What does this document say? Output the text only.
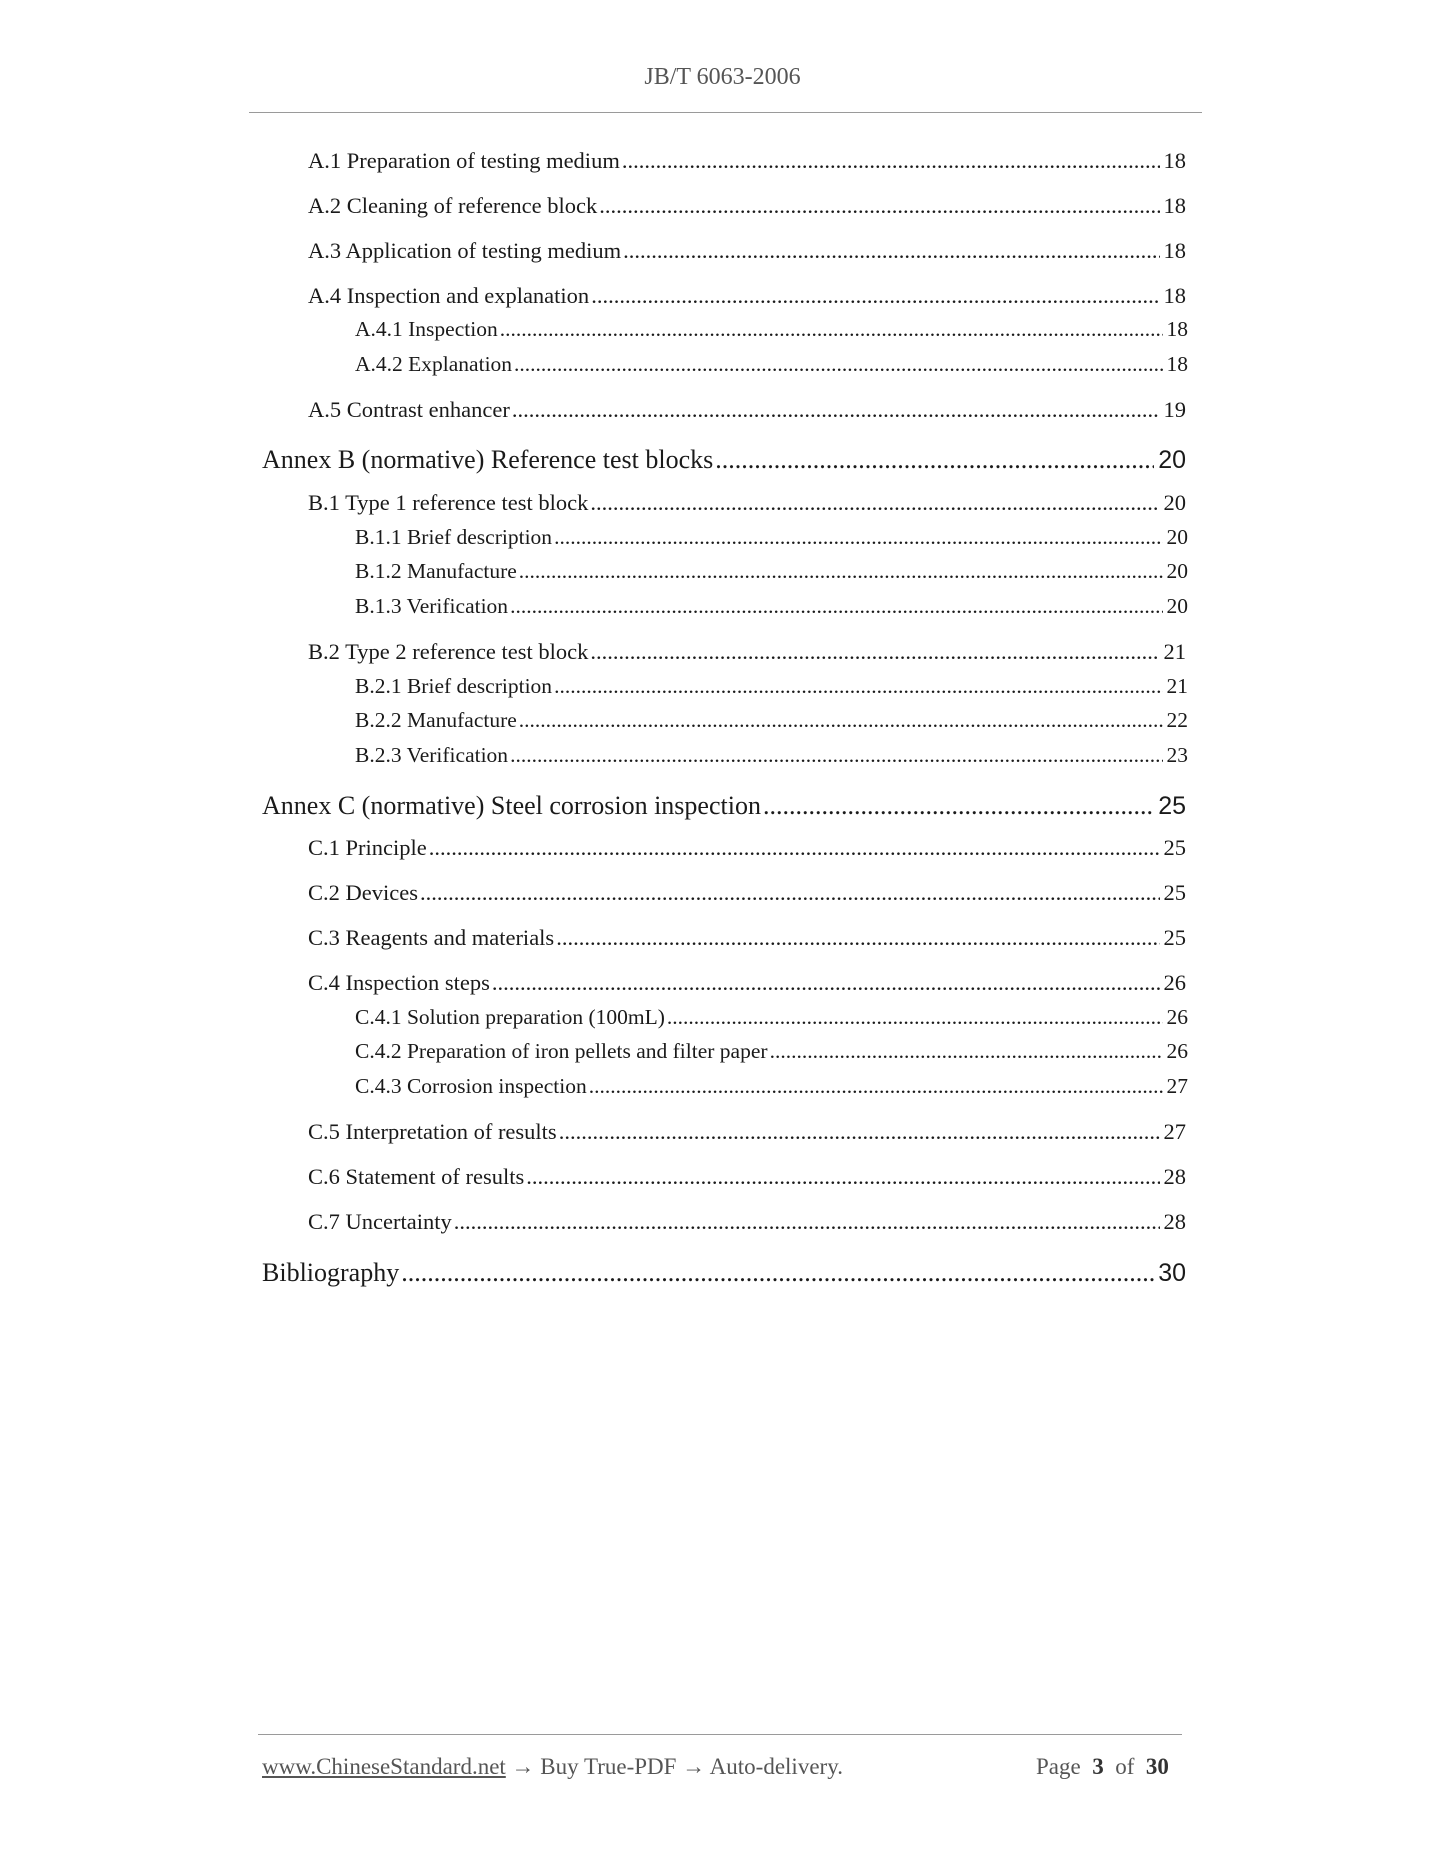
JB/T 6063-2006
A.1 Preparation of testing medium .....	18
A.2 Cleaning of reference block .....	18
A.3 Application of testing medium .....	18
A.4 Inspection and explanation .....	18
A.4.1 Inspection .....	18
A.4.2 Explanation .....	18
A.5 Contrast enhancer .....	19
Annex B (normative) Reference test blocks .....	20
B.1 Type 1 reference test block .....	20
B.1.1 Brief description .....	20
B.1.2 Manufacture .....	20
B.1.3 Verification .....	20
B.2 Type 2 reference test block .....	21
B.2.1 Brief description .....	21
B.2.2 Manufacture .....	22
B.2.3 Verification .....	23
Annex C (normative) Steel corrosion inspection .....	25
C.1 Principle .....	25
C.2 Devices .....	25
C.3 Reagents and materials .....	25
C.4 Inspection steps .....	26
C.4.1 Solution preparation (100mL) .....	26
C.4.2 Preparation of iron pellets and filter paper .....	26
C.4.3 Corrosion inspection .....	27
C.5 Interpretation of results .....	27
C.6 Statement of results .....	28
C.7 Uncertainty .....	28
Bibliography .....	30
www.ChineseStandard.net → Buy True-PDF → Auto-delivery.	Page 3 of 30
